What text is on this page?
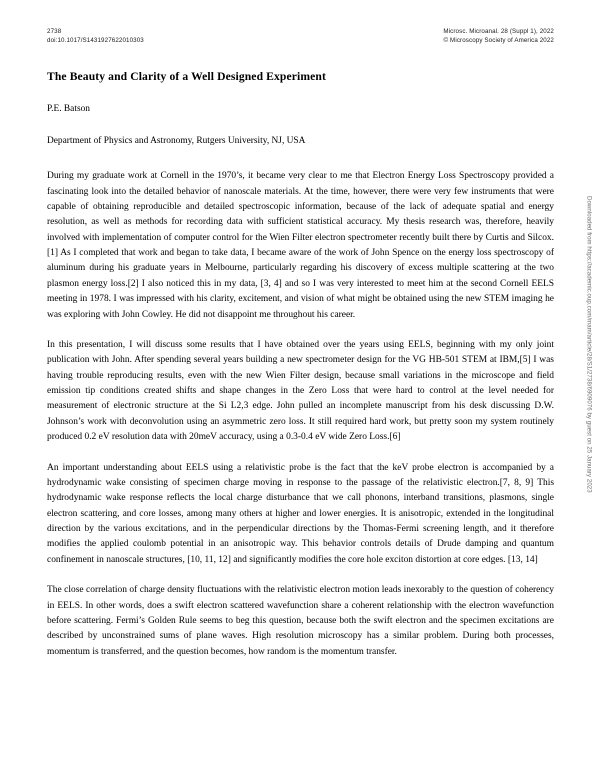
2738
doi:10.1017/S1431927622010303
Microsc. Microanal. 28 (Suppl 1), 2022
© Microscopy Society of America 2022
The Beauty and Clarity of a Well Designed Experiment
P.E. Batson
Department of Physics and Astronomy, Rutgers University, NJ, USA

During my graduate work at Cornell in the 1970’s, it became very clear to me that Electron Energy Loss Spectroscopy provided a fascinating look into the detailed behavior of nanoscale materials. At the time, however, there were very few instruments that were capable of obtaining reproducible and detailed spectroscopic information, because of the lack of adequate spatial and energy resolution, as well as methods for recording data with sufficient statistical accuracy. My thesis research was, therefore, heavily involved with implementation of computer control for the Wien Filter electron spectrometer recently built there by Curtis and Silcox.[1] As I completed that work and began to take data, I became aware of the work of John Spence on the energy loss spectroscopy of aluminum during his graduate years in Melbourne, particularly regarding his discovery of excess multiple scattering at the two plasmon energy loss.[2] I also noticed this in my data, [3, 4] and so I was very interested to meet him at the second Cornell EELS meeting in 1978. I was impressed with his clarity, excitement, and vision of what might be obtained using the new STEM imaging he was exploring with John Cowley. He did not disappoint me throughout his career.

In this presentation, I will discuss some results that I have obtained over the years using EELS, beginning with my only joint publication with John. After spending several years building a new spectrometer design for the VG HB-501 STEM at IBM,[5] I was having trouble reproducing results, even with the new Wien Filter design, because small variations in the microscope and field emission tip conditions created shifts and shape changes in the Zero Loss that were hard to control at the level needed for measurement of electronic structure at the Si L2,3 edge. John pulled an incomplete manuscript from his desk discussing D.W. Johnson’s work with deconvolution using an asymmetric zero loss. It still required hard work, but pretty soon my system routinely produced 0.2 eV resolution data with 20meV accuracy, using a 0.3-0.4 eV wide Zero Loss.[6]

An important understanding about EELS using a relativistic probe is the fact that the keV probe electron is accompanied by a hydrodynamic wake consisting of specimen charge moving in response to the passage of the relativistic electron.[7, 8, 9] This hydrodynamic wake response reflects the local charge disturbance that we call phonons, interband transitions, plasmons, single electron scattering, and core losses, among many others at higher and lower energies. It is anisotropic, extended in the longitudinal direction by the various excitations, and in the perpendicular directions by the Thomas-Fermi screening length, and it therefore modifies the applied coulomb potential in an anisotropic way. This behavior controls details of Drude damping and quantum confinement in nanoscale structures, [10, 11, 12] and significantly modifies the core hole exciton distortion at core edges. [13, 14]

The close correlation of charge density fluctuations with the relativistic electron motion leads inexorably to the question of coherency in EELS. In other words, does a swift electron scattered wavefunction share a coherent relationship with the electron wavefunction before scattering. Fermi’s Golden Rule seems to beg this question, because both the swift electron and the specimen excitations are described by unconstrained sums of plane waves. High resolution microscopy has a similar problem. During both processes, momentum is transferred, and the question becomes, how random is the momentum transfer.

Downloaded from https://academic.oup.com/mam/article/28/S1/2738/6909076 by guest on 25 January 2023
